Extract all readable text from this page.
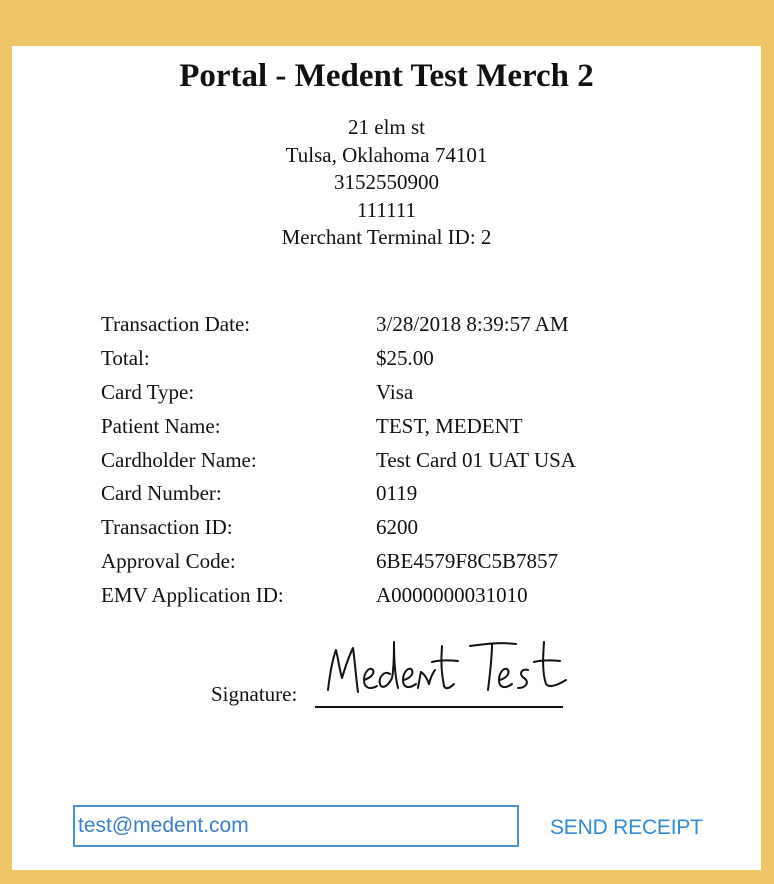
Portal - Medent Test Merch 2
21 elm st
Tulsa, Oklahoma 74101
3152550900
111111
Merchant Terminal ID: 2
Transaction Date:	3/28/2018 8:39:57 AM
Total:	$25.00
Card Type:	Visa
Patient Name:	TEST, MEDENT
Cardholder Name:	Test Card 01 UAT USA
Card Number:	0119
Transaction ID:	6200
Approval Code:	6BE4579F8C5B7857
EMV Application ID:	A0000000031010
Signature:
test@medent.com
SEND RECEIPT
